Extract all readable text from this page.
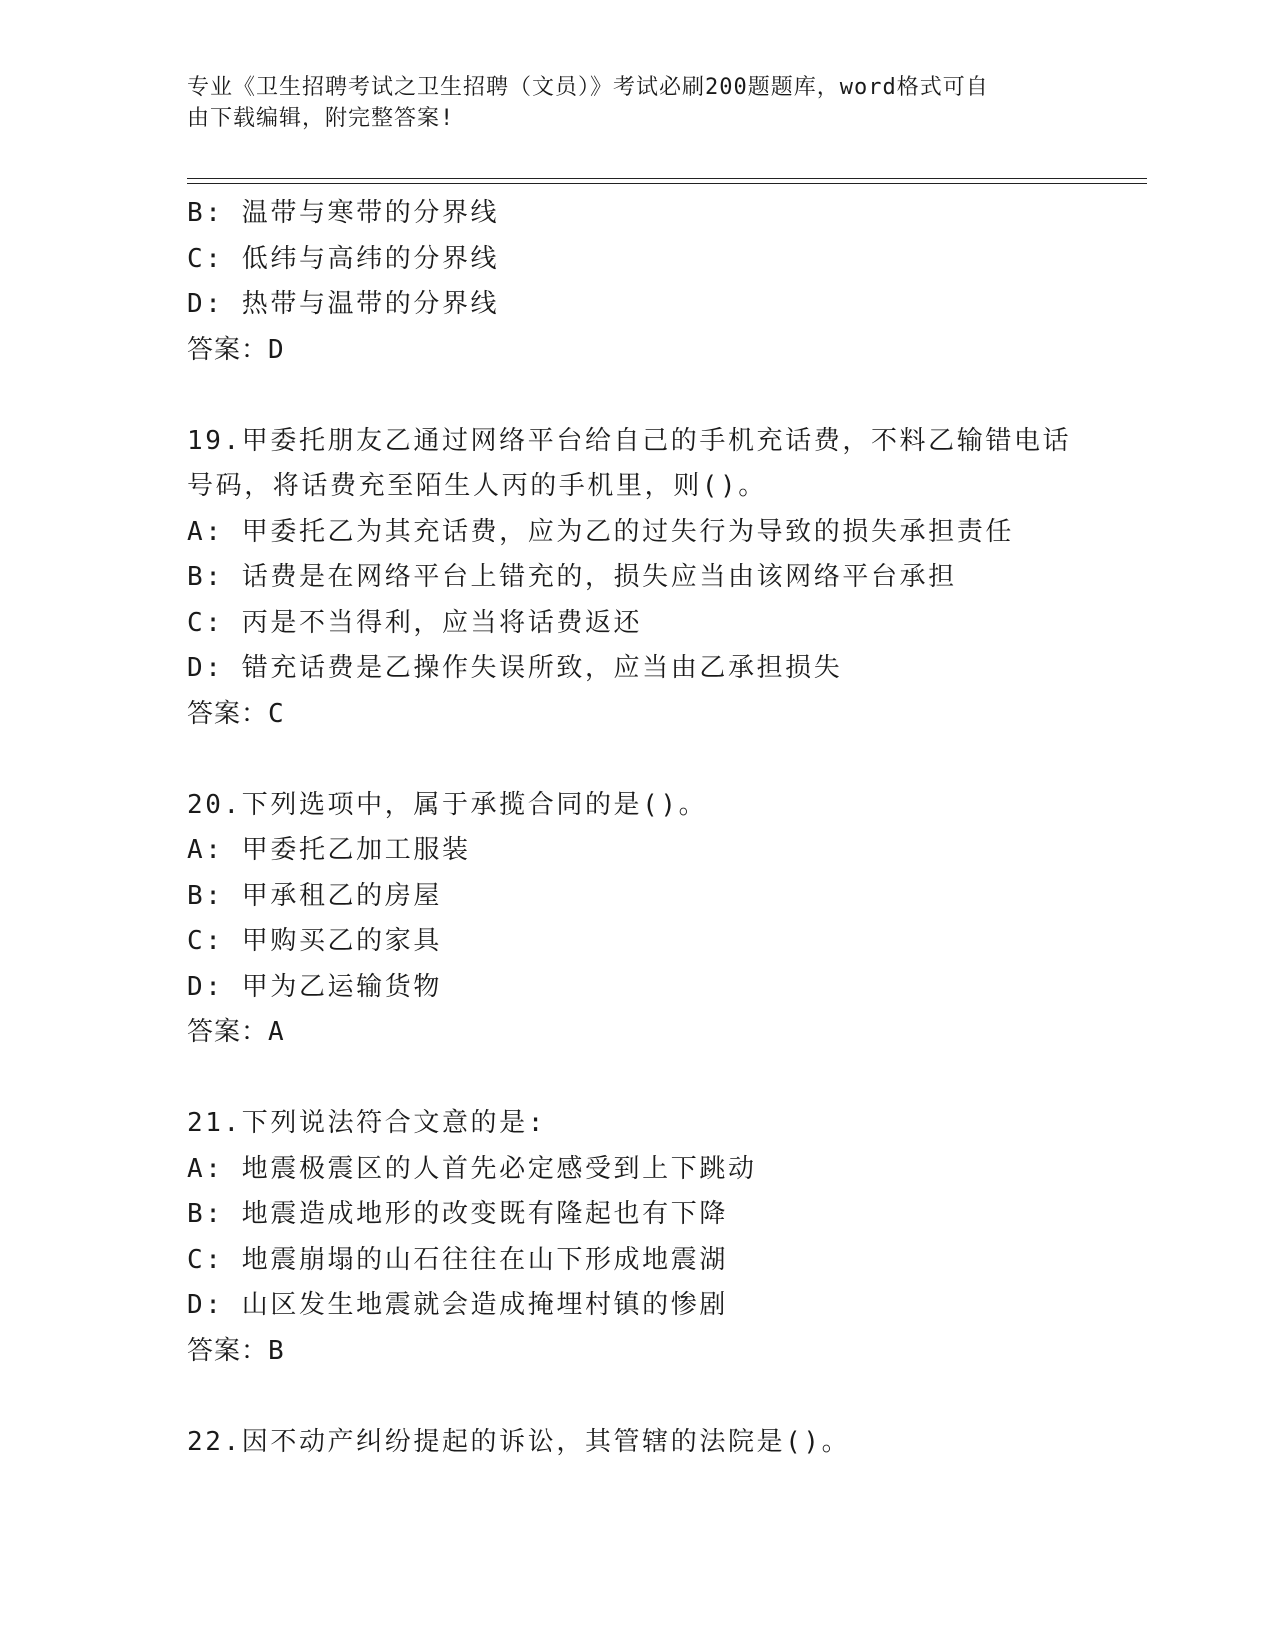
专业《卫生招聘考试之卫生招聘（文员）》考试必刷200题题库，word格式可自
由下载编辑，附完整答案!
B: 温带与寒带的分界线
C: 低纬与高纬的分界线
D: 热带与温带的分界线
答案：D
19.甲委托朋友乙通过网络平台给自己的手机充话费，不料乙输错电话
号码，将话费充至陌生人丙的手机里，则()。
A: 甲委托乙为其充话费，应为乙的过失行为导致的损失承担责任
B: 话费是在网络平台上错充的，损失应当由该网络平台承担
C: 丙是不当得利，应当将话费返还
D: 错充话费是乙操作失误所致，应当由乙承担损失
答案：C
20.下列选项中，属于承揽合同的是()。
A: 甲委托乙加工服装
B: 甲承租乙的房屋
C: 甲购买乙的家具
D: 甲为乙运输货物
答案：A
21.下列说法符合文意的是:
A: 地震极震区的人首先必定感受到上下跳动
B: 地震造成地形的改变既有隆起也有下降
C: 地震崩塌的山石往往在山下形成地震湖
D: 山区发生地震就会造成掩埋村镇的惨剧
答案：B
22.因不动产纠纷提起的诉讼，其管辖的法院是()。
